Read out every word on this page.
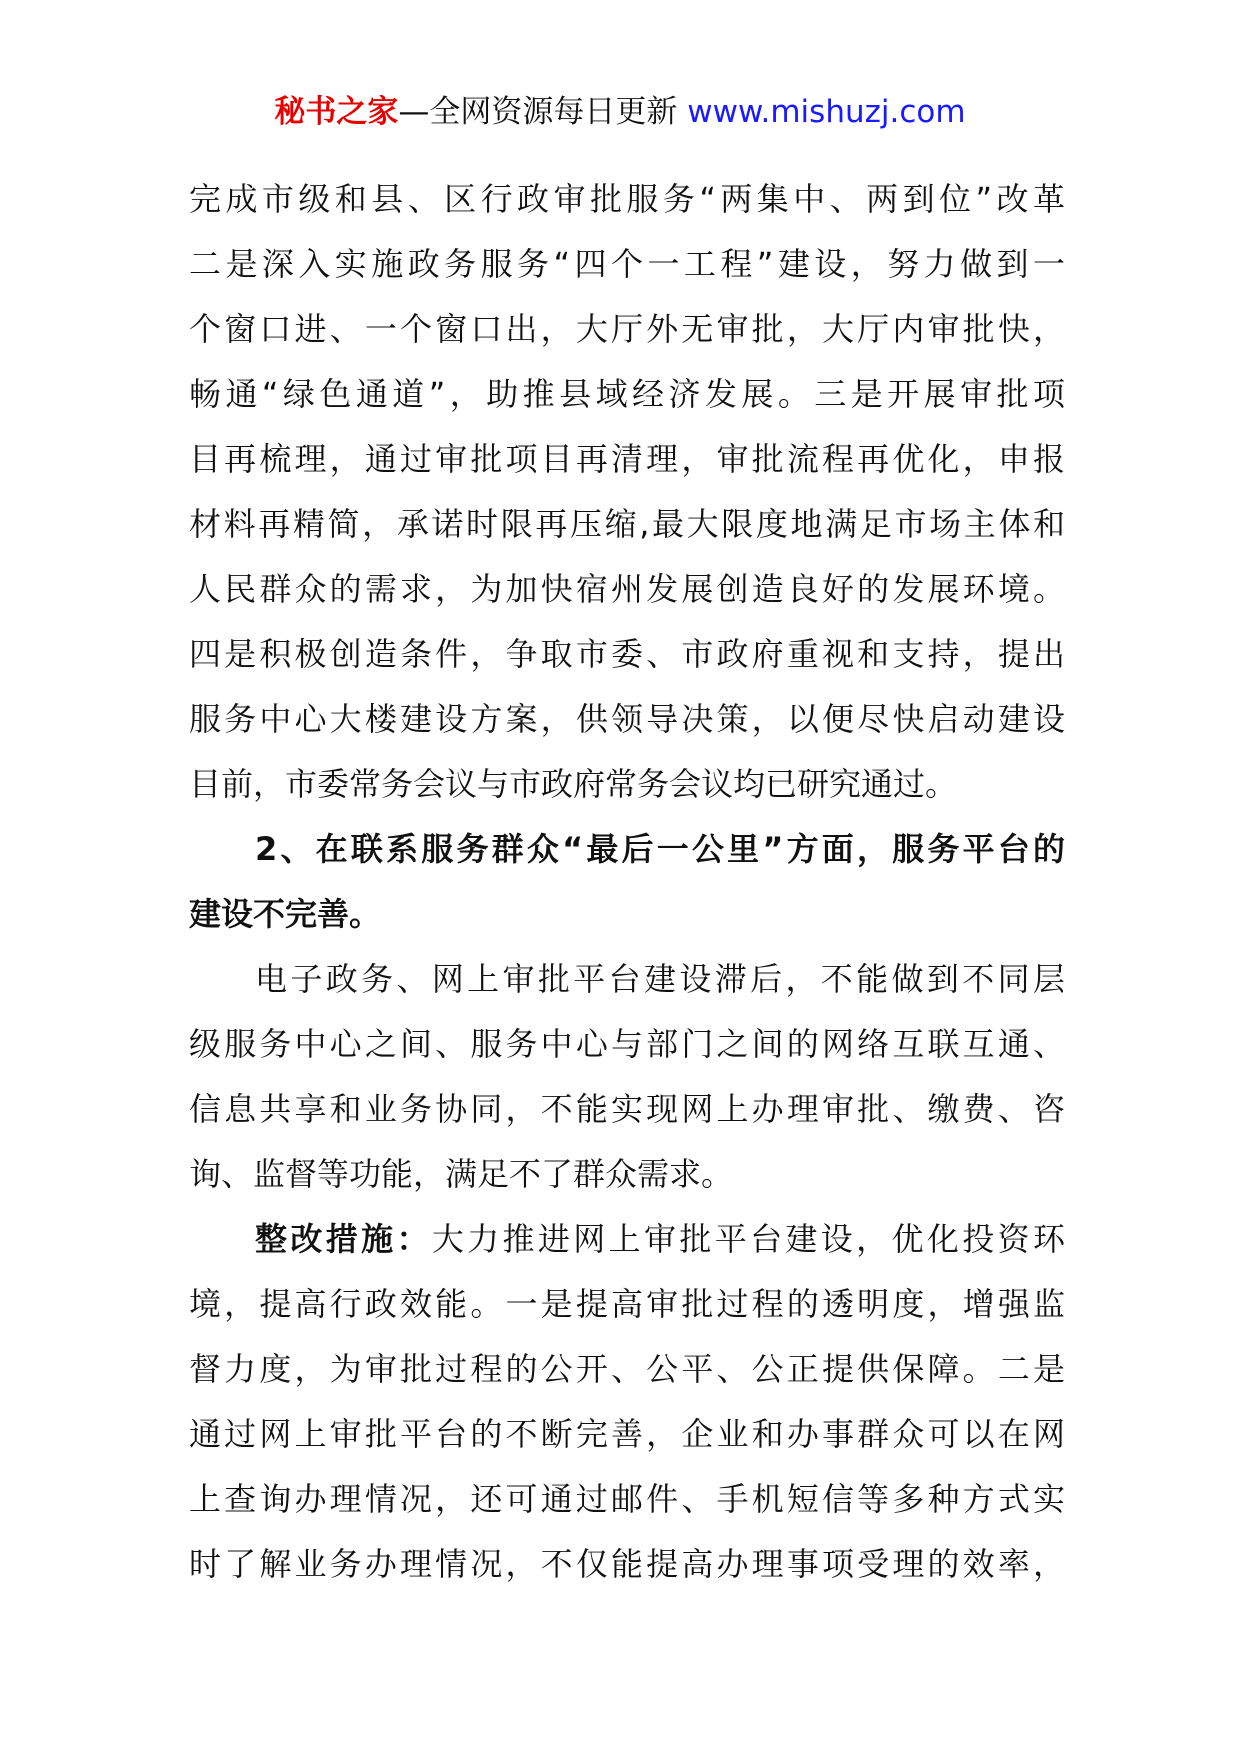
秘书之家—全网资源每日更新 www.mishuzj.com
完成市级和县、区行政审批服务“两集中、两到位”改革
二是深入实施政务服务“四个一工程”建设，努力做到一
个窗口进、一个窗口出，大厅外无审批，大厅内审批快，
畅通“绿色通道”，助推县域经济发展。三是开展审批项
目再梳理，通过审批项目再清理，审批流程再优化，申报
材料再精简，承诺时限再压缩,最大限度地满足市场主体和
人民群众的需求，为加快宿州发展创造良好的发展环境。
四是积极创造条件，争取市委、市政府重视和支持，提出
服务中心大楼建设方案，供领导决策，以便尽快启动建设
目前，市委常务会议与市政府常务会议均已研究通过。
2、在联系服务群众“最后一公里”方面，服务平台的
建设不完善。
电子政务、网上审批平台建设滞后，不能做到不同层
级服务中心之间、服务中心与部门之间的网络互联互通、
信息共享和业务协同，不能实现网上办理审批、缴费、咨
询、监督等功能，满足不了群众需求。
整改措施：大力推进网上审批平台建设，优化投资环
境，提高行政效能。一是提高审批过程的透明度，增强监
督力度，为审批过程的公开、公平、公正提供保障。二是
通过网上审批平台的不断完善，企业和办事群众可以在网
上查询办理情况，还可通过邮件、手机短信等多种方式实
时了解业务办理情况，不仅能提高办理事项受理的效率，
